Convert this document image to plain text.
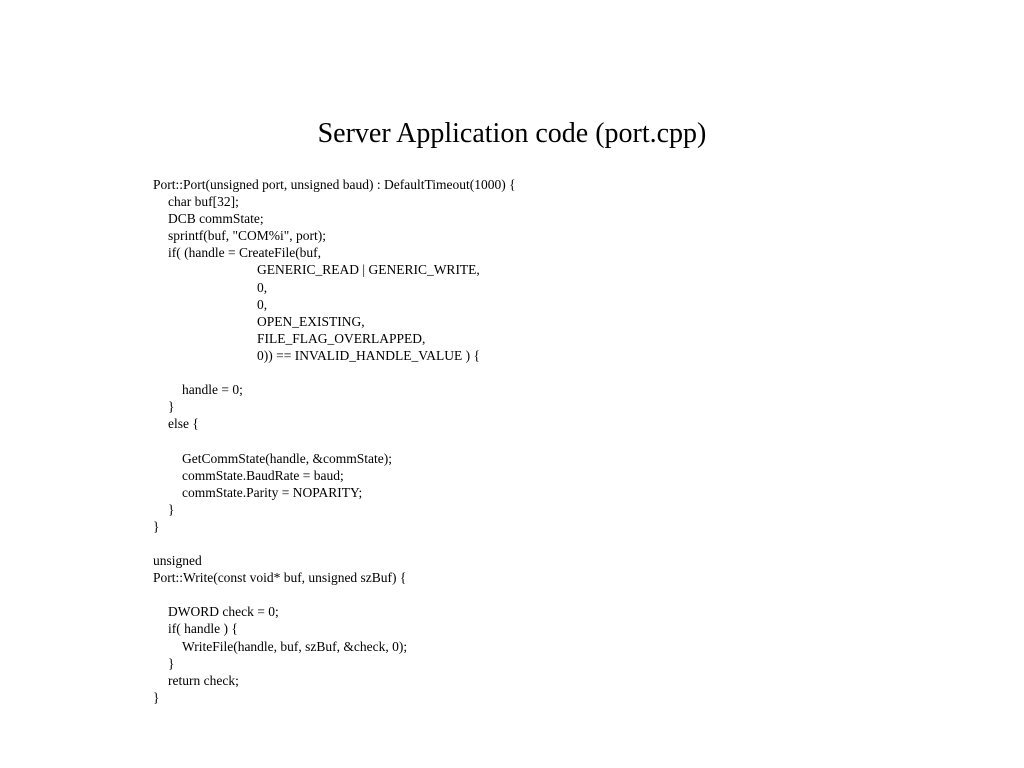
Server Application code (port.cpp)
Port::Port(unsigned port, unsigned baud) : DefaultTimeout(1000) {
char buf[32];
DCB commState;
sprintf(buf, "COM%i", port);
if( (handle = CreateFile(buf,
GENERIC_READ | GENERIC_WRITE,
0,
0,
OPEN_EXISTING,
FILE_FLAG_OVERLAPPED,
0)) == INVALID_HANDLE_VALUE ) {
handle = 0;
}
else {
GetCommState(handle, &commState);
commState.BaudRate = baud;
commState.Parity = NOPARITY;
}
}
unsigned
Port::Write(const void* buf, unsigned szBuf) {
DWORD check = 0;
if( handle ) {
WriteFile(handle, buf, szBuf, &check, 0);
}
return check;
}
